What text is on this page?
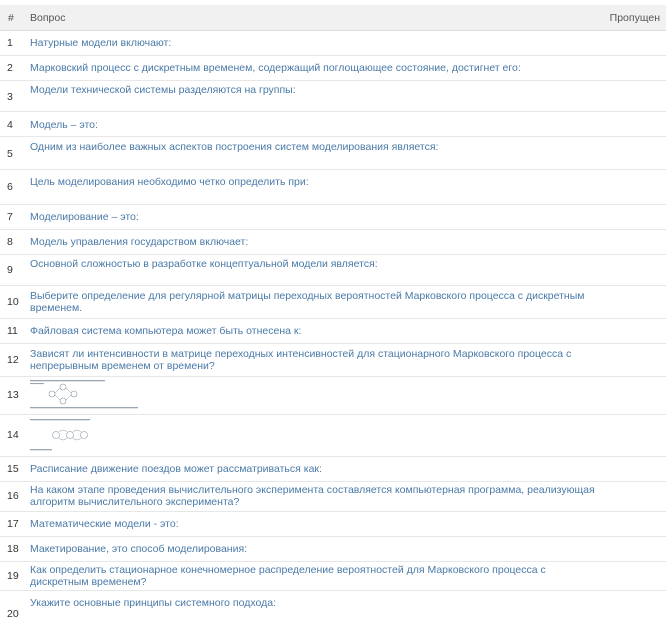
# Вопрос	Пропущен
1 Натурные модели включают:
2 Марковский процесс с дискретным временем, содержащий поглощающее состояние, достигнет его:
3
Модели технической системы разделяются на группы:
4 Модель – это:
5
Одним из наиболее важных аспектов построения систем моделирования является:
6 Цель моделирования необходимо четко определить при:
7 Моделирование – это:
8 Модель управления государством включает:
9 Основной сложностью в разработке концептуальной модели является:
10 Выберите определение для регулярной матрицы переходных вероятностей Марковского процесса с дискретным временем.
11 Файловая система компьютера может быть отнесена к:
12 Зависят ли интенсивности в матрице переходных интенсивностей для стационарного Марковского процесса с непрерывным временем от времени?
13
14
15 Расписание движение поездов может рассматриваться как:
16 На каком этапе проведения вычислительного эксперимента составляется компьютерная программа, реализующая алгоритм вычислительного эксперимента?
17 Математические модели - это:
18 Макетирование, это способ моделирования:
19 Как определить стационарное конечномерное распределение вероятностей для Марковского процесса с дискретным временем?
20
Укажите основные принципы системного подхода:
